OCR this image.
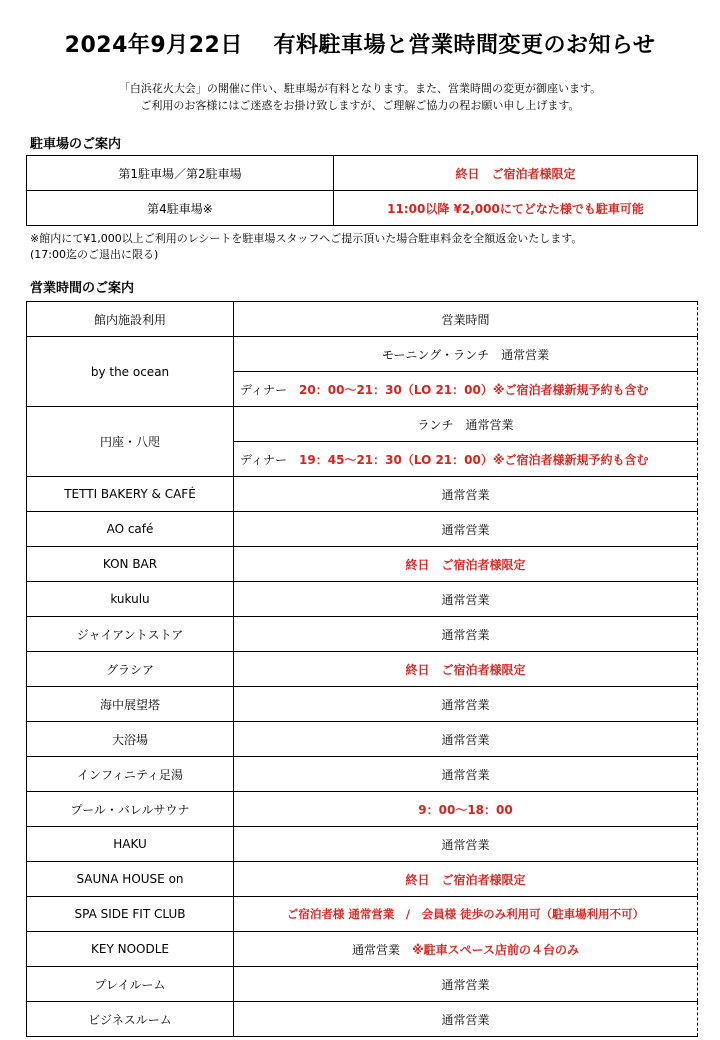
2024年9月22日　 有料駐車場と営業時間変更のお知らせ
「白浜花火大会」の開催に伴い、駐車場が有料となります。また、営業時間の変更が御座います。
ご利用のお客様にはご迷惑をお掛け致しますが、ご理解ご協力の程お願い申し上げます。
駐車場のご案内
第1駐車場／第2駐車場	終日　ご宿泊者様限定
第4駐車場※	11:00以降 ¥2,000にてどなた様でも駐車可能
※館内にて¥1,000以上ご利用のレシートを駐車場スタッフへご提示頂いた場合駐車料金を全額返金いたします。
(17:00迄のご退出に限る)
営業時間のご案内
館内施設利用	営業時間
by the ocean	モーニング・ランチ　通常営業
	ディナー　20：00〜21：30（LO 21：00）※ご宿泊者様新規予約も含む
円座・八咫	ランチ　通常営業
	ディナー　19：45〜21：30（LO 21：00）※ご宿泊者様新規予約も含む
TETTI BAKERY & CAFÉ	通常営業
AO café	通常営業
KON BAR	終日　ご宿泊者様限定
kukulu	通常営業
ジャイアントストア	通常営業
グラシア	終日　ご宿泊者様限定
海中展望塔	通常営業
大浴場	通常営業
インフィニティ足湯	通常営業
プール・バレルサウナ	9：00〜18：00
HAKU	通常営業
SAUNA HOUSE on	終日　ご宿泊者様限定
SPA SIDE FIT CLUB	ご宿泊者様 通常営業　/　会員様 徒歩のみ利用可（駐車場利用不可）
KEY NOODLE	通常営業　※駐車スペース店前の４台のみ
プレイルーム	通常営業
ビジネスルーム	通常営業
